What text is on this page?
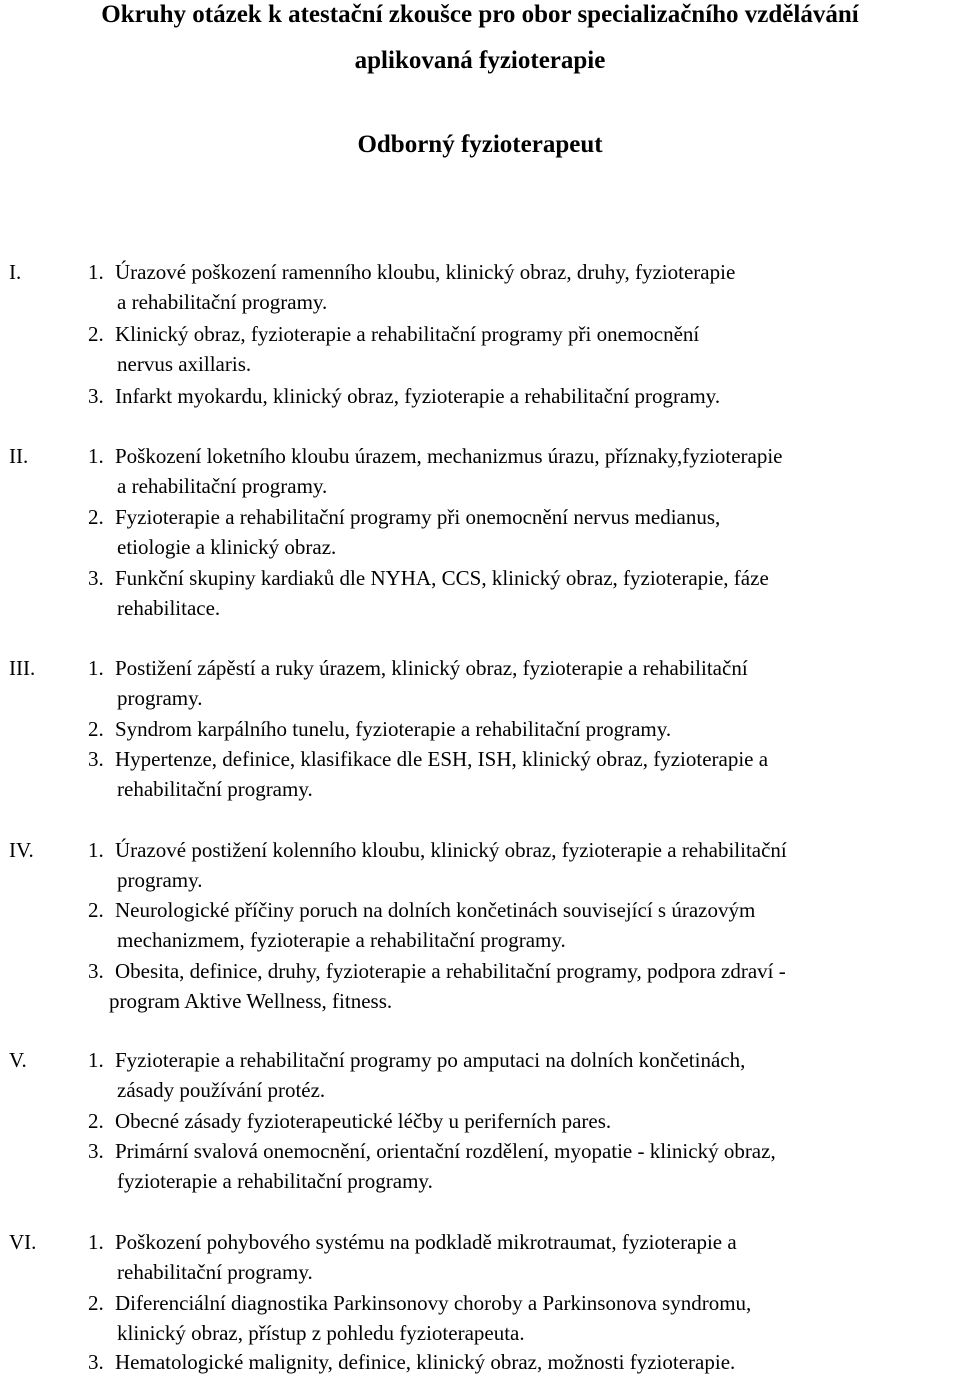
Okruhy otázek k atestační zkoušce pro obor specializačního vzdělávání
aplikovaná fyzioterapie
Odborný fyzioterapeut
I.	1. Úrazové poškození ramenního kloubu, klinický obraz, druhy, fyzioterapie
a rehabilitační programy.
2. Klinický obraz, fyzioterapie a rehabilitační programy při onemocnění
nervus axillaris.
3. Infarkt myokardu, klinický obraz, fyzioterapie a rehabilitační programy.
II.	1. Poškození loketního kloubu úrazem, mechanizmus úrazu, příznaky,fyzioterapie
a rehabilitační programy.
2. Fyzioterapie a rehabilitační programy při onemocnění nervus medianus,
etiologie a klinický obraz.
3. Funkční skupiny kardiaků dle NYHA, CCS, klinický obraz, fyzioterapie, fáze
rehabilitace.
III.	1. Postižení zápěstí a ruky úrazem, klinický obraz, fyzioterapie a rehabilitační
programy.
2. Syndrom karpálního tunelu, fyzioterapie a rehabilitační programy.
3. Hypertenze, definice, klasifikace dle ESH, ISH, klinický obraz, fyzioterapie a
rehabilitační programy.
IV.	1. Úrazové postižení kolenního kloubu, klinický obraz, fyzioterapie a rehabilitační
programy.
2. Neurologické příčiny poruch na dolních končetinách související s úrazovým
mechanizmem, fyzioterapie a rehabilitační programy.
3. Obesita, definice, druhy, fyzioterapie a rehabilitační programy, podpora zdraví -
program Aktive Wellness, fitness.
V.	1. Fyzioterapie a rehabilitační programy po amputaci na dolních končetinách,
zásady používání protéz.
2. Obecné zásady fyzioterapeutické léčby u periferních pares.
3. Primární svalová onemocnění, orientační rozdělení, myopatie - klinický obraz,
fyzioterapie a rehabilitační programy.
VI. 1. Poškození pohybového systému na podkladě mikrotraumat, fyzioterapie a
rehabilitační programy.
2. Diferenciální diagnostika Parkinsonovy choroby a Parkinsonova syndromu,
klinický obraz, přístup z pohledu fyzioterapeuta.
3. Hematologické malignity, definice, klinický obraz, možnosti fyzioterapie.
